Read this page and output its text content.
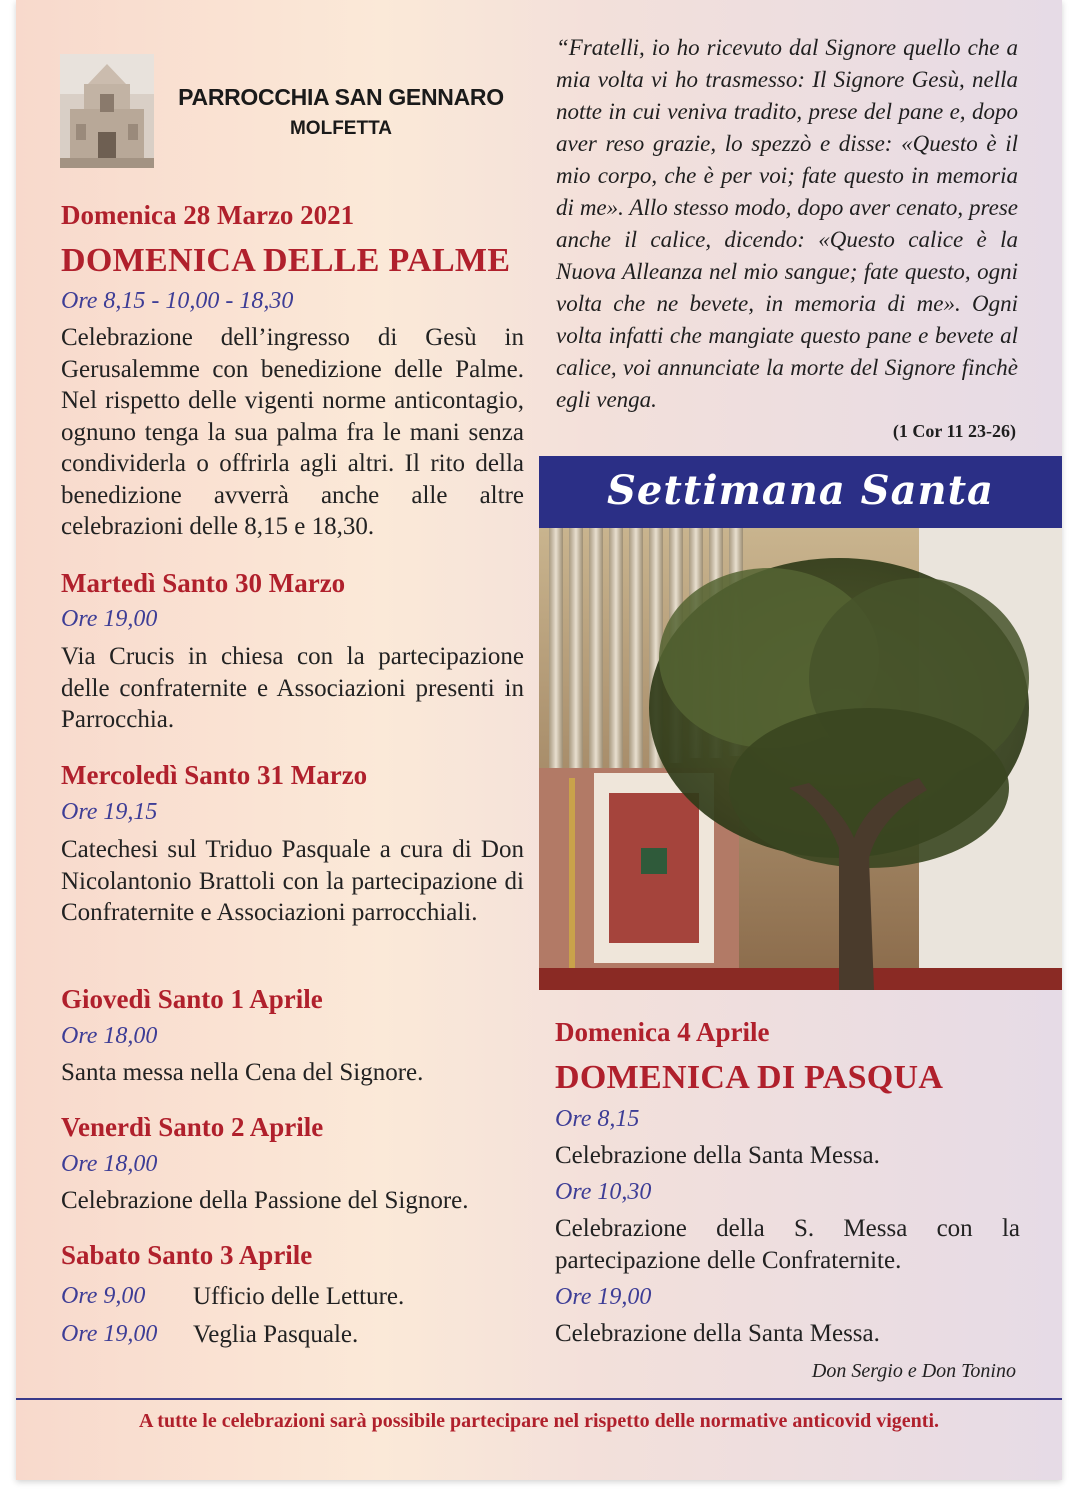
PARROCCHIA SAN GENNARO
MOLFETTA
Domenica 28 Marzo 2021
DOMENICA DELLE PALME
Ore 8,15 - 10,00 - 18,30
Celebrazione dell’ingresso di Gesù in Gerusalemme con benedizione delle Palme. Nel rispetto delle vigenti norme anticontagio, ognuno tenga la sua palma fra le mani senza condividerla o offrirla agli altri. Il rito della benedizione avverrà anche alle altre celebrazioni delle 8,15 e 18,30.
Martedì Santo 30 Marzo
Ore 19,00
Via Crucis in chiesa con la partecipazione delle confraternite e Associazioni presenti in Parrocchia.
Mercoledì Santo 31 Marzo
Ore 19,15
Catechesi sul Triduo Pasquale a cura di Don Nicolantonio Brattoli con la partecipazione di Confraternite e Associazioni parrocchiali.
Giovedì Santo 1 Aprile
Ore 18,00
Santa messa nella Cena del Signore.
Venerdì Santo 2 Aprile
Ore 18,00
Celebrazione della Passione del Signore.
Sabato Santo 3 Aprile
Ore 9,00 Ufficio delle Letture.
Ore 19,00 Veglia Pasquale.
“Fratelli, io ho ricevuto dal Signore quello che a mia volta vi ho trasmesso: Il Signore Gesù, nella notte in cui veniva tradito, prese del pane e, dopo aver reso grazie, lo spezzò e disse: «Questo è il mio corpo, che è per voi; fate questo in memoria di me». Allo stesso modo, dopo aver cenato, prese anche il calice, dicendo: «Questo calice è la Nuova Alleanza nel mio sangue; fate questo, ogni volta che ne bevete, in memoria di me». Ogni volta infatti che mangiate questo pane e bevete al calice, voi annunciate la morte del Signore finchè egli venga.
(1 Cor 11 23-26)
Settimana Santa
Domenica 4 Aprile
DOMENICA DI PASQUA
Ore 8,15
Celebrazione della Santa Messa.
Ore 10,30
Celebrazione della S. Messa con la partecipazione delle Confraternite.
Ore 19,00
Celebrazione della Santa Messa.
Don Sergio e Don Tonino
A tutte le celebrazioni sarà possibile partecipare nel rispetto delle normative anticovid vigenti.
